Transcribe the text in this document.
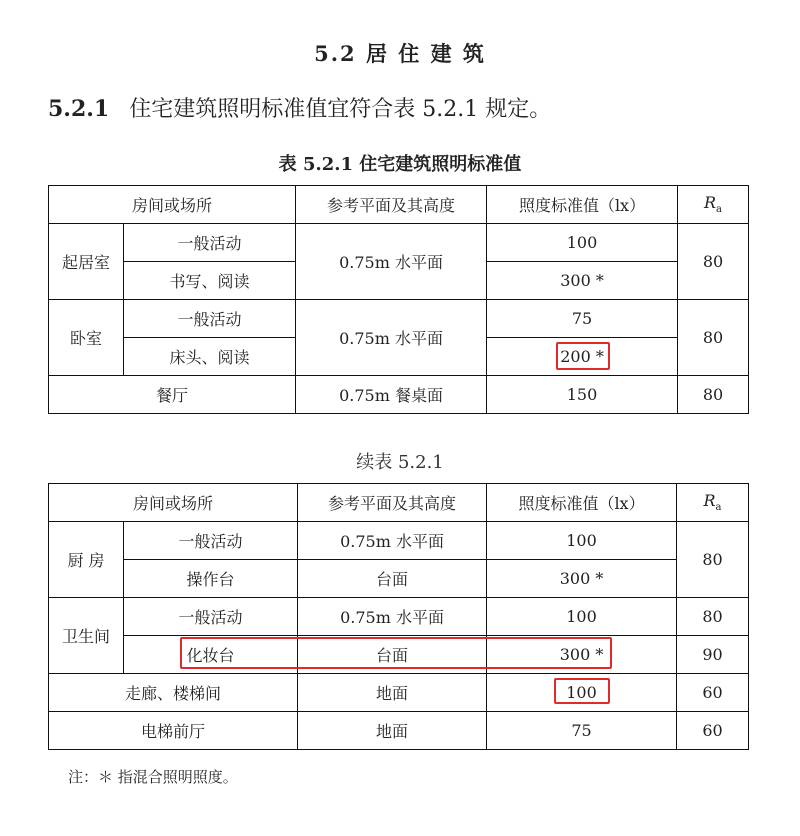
5.2 居 住 建 筑
5.2.1 住宅建筑照明标准值宜符合表 5.2.1 规定。
表 5.2.1 住宅建筑照明标准值
房间或场所		参考平面及其高度	照度标准值（lx）	$R_a$
起居室	一般活动	0.75m 水平面	100	80
	书写、阅读		300 *	
卧室	一般活动	0.75m 水平面	75	80
	床头、阅读		200 *	
餐厅		0.75m 餐桌面	150	80
续表 5.2.1
房间或场所		参考平面及其高度	照度标准值（lx）	$R_a$
厨 房	一般活动	0.75m 水平面	100	80
	操作台	台面	300 *	
卫生间	一般活动	0.75m 水平面	100	80
	化妆台	台面	300 *	90
走廊、楼梯间		地面	100	60
电梯前厅		地面	75	60
注：＊ 指混合照明照度。
